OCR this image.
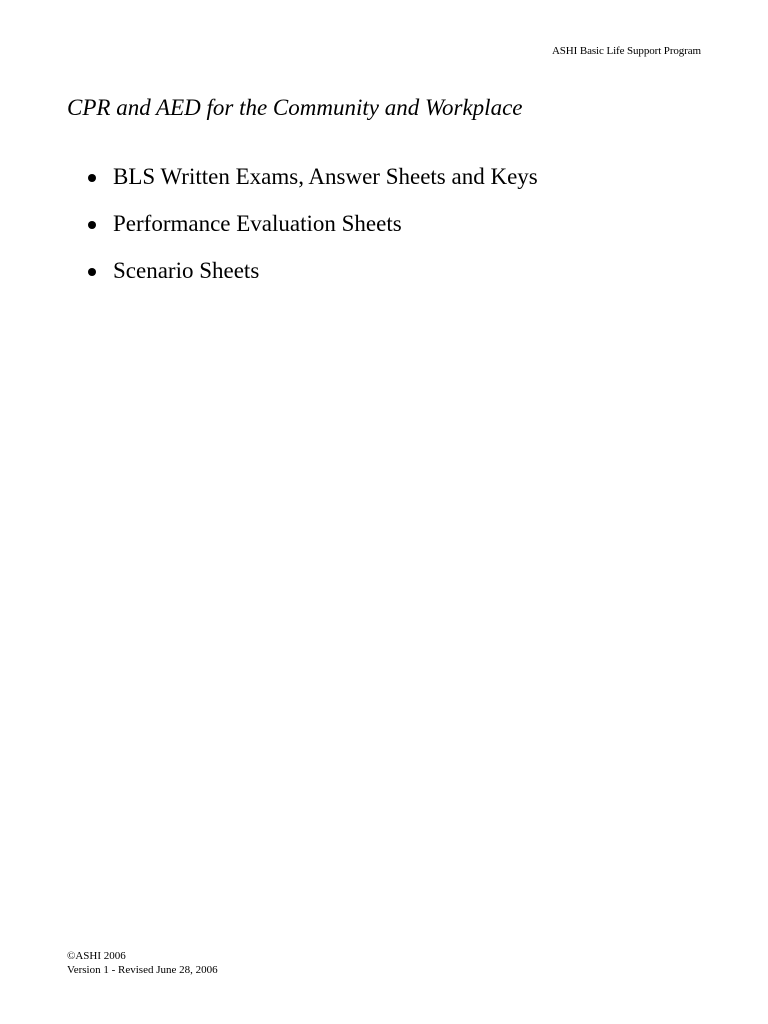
ASHI Basic Life Support Program
CPR and AED for the Community and Workplace
BLS Written Exams, Answer Sheets and Keys
Performance Evaluation Sheets
Scenario Sheets
©ASHI 2006
Version 1 - Revised June 28, 2006
